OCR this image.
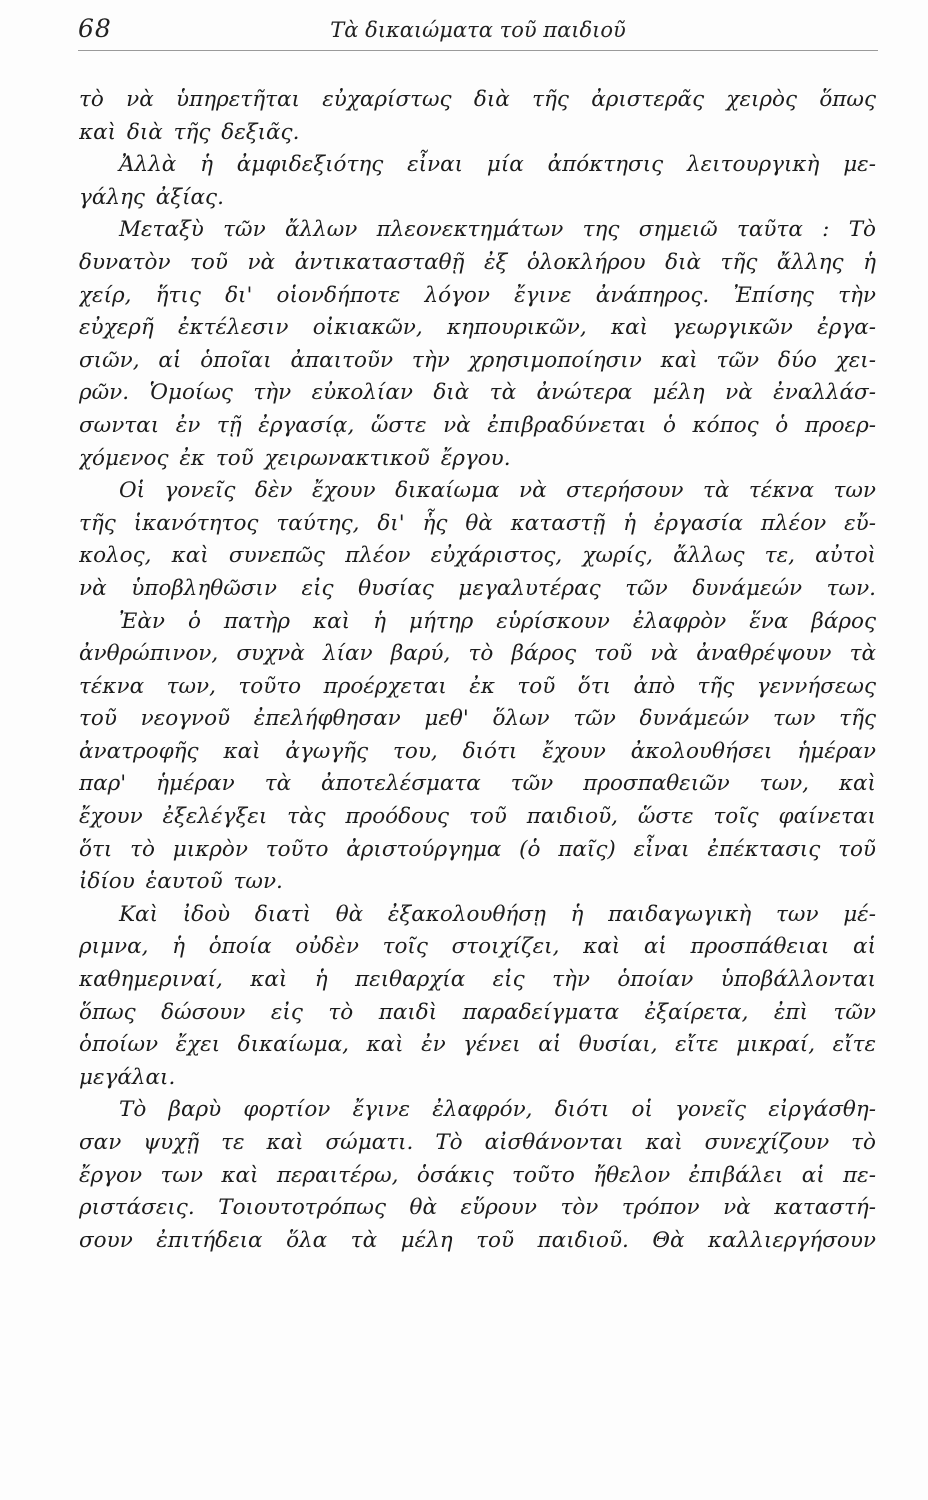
68	Τὰ δικαιώματα τοῦ παιδιοῦ
τὸ νὰ ὑπηρετῆται εὐχαρίστως διὰ τῆς ἀριστερᾶς χειρὸς ὅπως
καὶ διὰ τῆς δεξιᾶς.
Ἀλλὰ ἡ ἀμφιδεξιότης εἶναι μία ἀπόκτησις λειτουργικὴ με-
γάλης ἀξίας.
Μεταξὺ τῶν ἄλλων πλεονεκτημάτων της σημειῶ ταῦτα : Τὸ
δυνατὸν τοῦ νὰ ἀντικατασταθῇ ἐξ ὁλοκλήρου διὰ τῆς ἄλλης ἡ
χείρ, ἥτις δι' οἱονδήποτε λόγον ἔγινε ἀνάπηρος. Ἐπίσης τὴν
εὐχερῆ ἐκτέλεσιν οἰκιακῶν, κηπουρικῶν, καὶ γεωργικῶν ἐργα-
σιῶν, αἱ ὁποῖαι ἀπαιτοῦν τὴν χρησιμοποίησιν καὶ τῶν δύο χει-
ρῶν. Ὁμοίως τὴν εὐκολίαν διὰ τὰ ἀνώτερα μέλη νὰ ἐναλλάσ-
σωνται ἐν τῇ ἐργασίᾳ, ὥστε νὰ ἐπιβραδύνεται ὁ κόπος ὁ προερ-
χόμενος ἐκ τοῦ χειρωνακτικοῦ ἔργου.
Οἱ γονεῖς δὲν ἔχουν δικαίωμα νὰ στερήσουν τὰ τέκνα των
τῆς ἱκανότητος ταύτης, δι' ἧς θὰ καταστῇ ἡ ἐργασία πλέον εὔ-
κολος, καὶ συνεπῶς πλέον εὐχάριστος, χωρίς, ἄλλως τε, αὐτοὶ
νὰ ὑποβληθῶσιν εἰς θυσίας μεγαλυτέρας τῶν δυνάμεών των.
Ἐὰν ὁ πατὴρ καὶ ἡ μήτηρ εὑρίσκουν ἐλαφρὸν ἕνα βάρος
ἀνθρώπινον, συχνὰ λίαν βαρύ, τὸ βάρος τοῦ νὰ ἀναθρέψουν τὰ
τέκνα των, τοῦτο προέρχεται ἐκ τοῦ ὅτι ἀπὸ τῆς γεννήσεως
τοῦ νεογνοῦ ἐπελήφθησαν μεθ' ὅλων τῶν δυνάμεών των τῆς
ἀνατροφῆς καὶ ἀγωγῆς του, διότι ἔχουν ἀκολουθήσει ἡμέραν
παρ' ἡμέραν τὰ ἀποτελέσματα τῶν προσπαθειῶν των, καὶ
ἔχουν ἐξελέγξει τὰς προόδους τοῦ παιδιοῦ, ὥστε τοῖς φαίνεται
ὅτι τὸ μικρὸν τοῦτο ἀριστούργημα (ὁ παῖς) εἶναι ἐπέκτασις τοῦ
ἰδίου ἑαυτοῦ των.
Καὶ ἰδοὺ διατὶ θὰ ἐξακολουθήσῃ ἡ παιδαγωγικὴ των μέ-
ριμνα, ἡ ὁποία οὐδὲν τοῖς στοιχίζει, καὶ αἱ προσπάθειαι αἱ
καθημεριναί, καὶ ἡ πειθαρχία εἰς τὴν ὁποίαν ὑποβάλλονται
ὅπως δώσουν εἰς τὸ παιδὶ παραδείγματα ἐξαίρετα, ἐπὶ τῶν
ὁποίων ἔχει δικαίωμα, καὶ ἐν γένει αἱ θυσίαι, εἴτε μικραί, εἴτε
μεγάλαι.
Τὸ βαρὺ φορτίον ἔγινε ἐλαφρόν, διότι οἱ γονεῖς εἰργάσθη-
σαν ψυχῇ τε καὶ σώματι. Τὸ αἰσθάνονται καὶ συνεχίζουν τὸ
ἔργον των καὶ περαιτέρω, ὁσάκις τοῦτο ἤθελον ἐπιβάλει αἱ πε-
ριστάσεις. Τοιουτοτρόπως θὰ εὕρουν τὸν τρόπον νὰ καταστή-
σουν ἐπιτήδεια ὅλα τὰ μέλη τοῦ παιδιοῦ. Θὰ καλλιεργήσουν
